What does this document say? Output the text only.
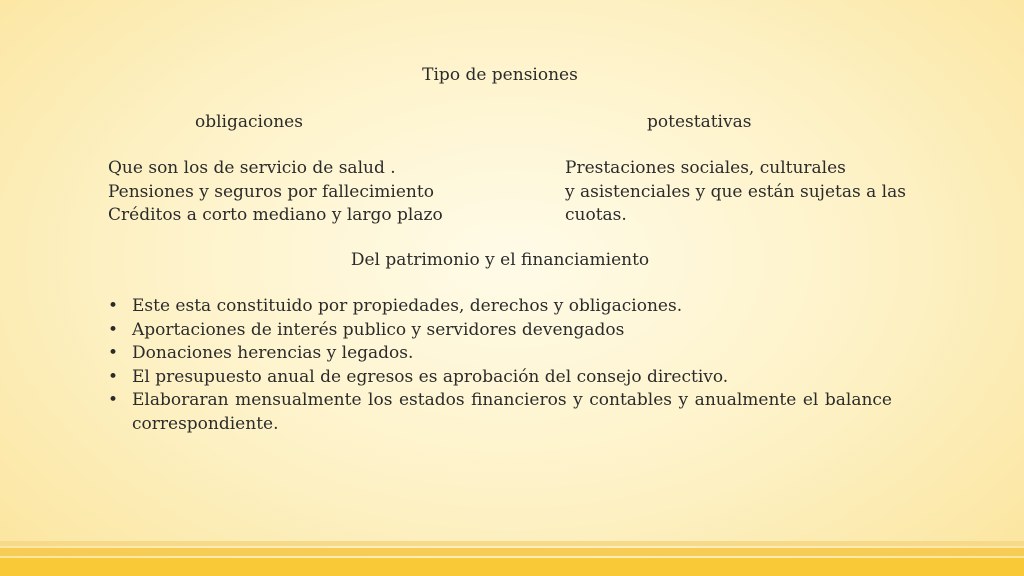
Tipo de pensiones
obligaciones	potestativas
Que son los de servicio de salud .
Pensiones y seguros por fallecimiento
Créditos a corto mediano y largo plazo
Prestaciones sociales, culturales
y asistenciales y que están sujetas a las
cuotas.
Del patrimonio y el financiamiento
• Este esta constituido por propiedades, derechos y obligaciones.
• Aportaciones de interés publico y servidores devengados
• Donaciones herencias y legados.
• El presupuesto anual de egresos es aprobación del consejo directivo.
• Elaboraran mensualmente los estados financieros y contables y anualmente el balance correspondiente.
